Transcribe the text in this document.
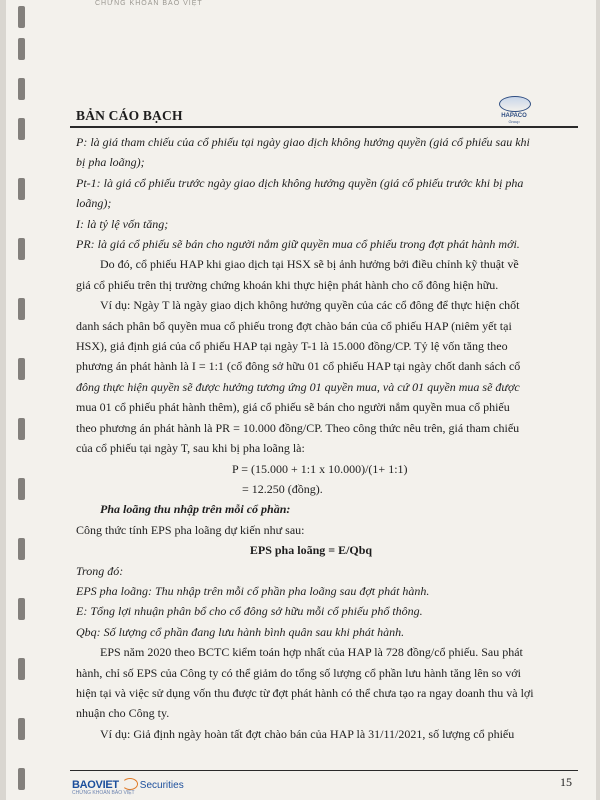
CHỨNG KHOÁN BẢO VIỆT
BẢN CÁO BẠCH	HAPACO
Group

P: là giá tham chiếu của cổ phiếu tại ngày giao dịch không hưởng quyền (giá cổ phiếu sau khi

bị pha loãng);

Pt-1: là giá cổ phiếu trước ngày giao dịch không hưởng quyền (giá cổ phiếu trước khi bị pha

loãng);

I: là tỷ lệ vốn tăng;

PR: là giá cổ phiếu sẽ bán cho người nắm giữ quyền mua cổ phiếu trong đợt phát hành mới.

Do đó, cổ phiếu HAP khi giao dịch tại HSX sẽ bị ảnh hưởng bởi điều chỉnh kỹ thuật về

giá cổ phiếu trên thị trường chứng khoán khi thực hiện phát hành cho cổ đông hiện hữu.

Ví dụ: Ngày T là ngày giao dịch không hưởng quyền của các cổ đông để thực hiện chốt

danh sách phân bổ quyền mua cổ phiếu trong đợt chào bán của cổ phiếu HAP (niêm yết tại

HSX), giả định giá của cổ phiếu HAP tại ngày T-1 là 15.000 đồng/CP. Tỷ lệ vốn tăng theo

phương án phát hành là I = 1:1 (cổ đông sở hữu 01 cổ phiếu HAP tại ngày chốt danh sách cổ

đông thực hiện quyền sẽ được hưởng tương ứng 01 quyền mua, và cứ 01 quyền mua sẽ được

mua 01 cổ phiếu phát hành thêm), giá cổ phiếu sẽ bán cho người nắm quyền mua cổ phiếu

theo phương án phát hành là PR = 10.000 đồng/CP. Theo công thức nêu trên, giá tham chiếu

của cổ phiếu tại ngày T, sau khi bị pha loãng là:

P = (15.000 + 1:1 x 10.000)/(1+ 1:1)

= 12.250 (đồng).

Pha loãng thu nhập trên mỗi cổ phần:

Công thức tính EPS pha loãng dự kiến như sau:

EPS pha loãng = E/Qbq

Trong đó:

EPS pha loãng: Thu nhập trên mỗi cổ phần pha loãng sau đợt phát hành.

E: Tổng lợi nhuận phân bổ cho cổ đông sở hữu mỗi cổ phiếu phổ thông.

Qbq: Số lượng cổ phần đang lưu hành bình quân sau khi phát hành.

EPS năm 2020 theo BCTC kiểm toán hợp nhất của HAP là 728 đồng/cổ phiếu. Sau phát

hành, chỉ số EPS của Công ty có thể giảm do tổng số lượng cổ phần lưu hành tăng lên so với

hiện tại và việc sử dụng vốn thu được từ đợt phát hành có thể chưa tạo ra ngay doanh thu và lợi

nhuận cho Công ty.

Ví dụ: Giả định ngày hoàn tất đợt chào bán của HAP là 31/11/2021, số lượng cổ phiếu

BAOVIET Securities
CHỨNG KHOÁN BẢO VIỆT
15
